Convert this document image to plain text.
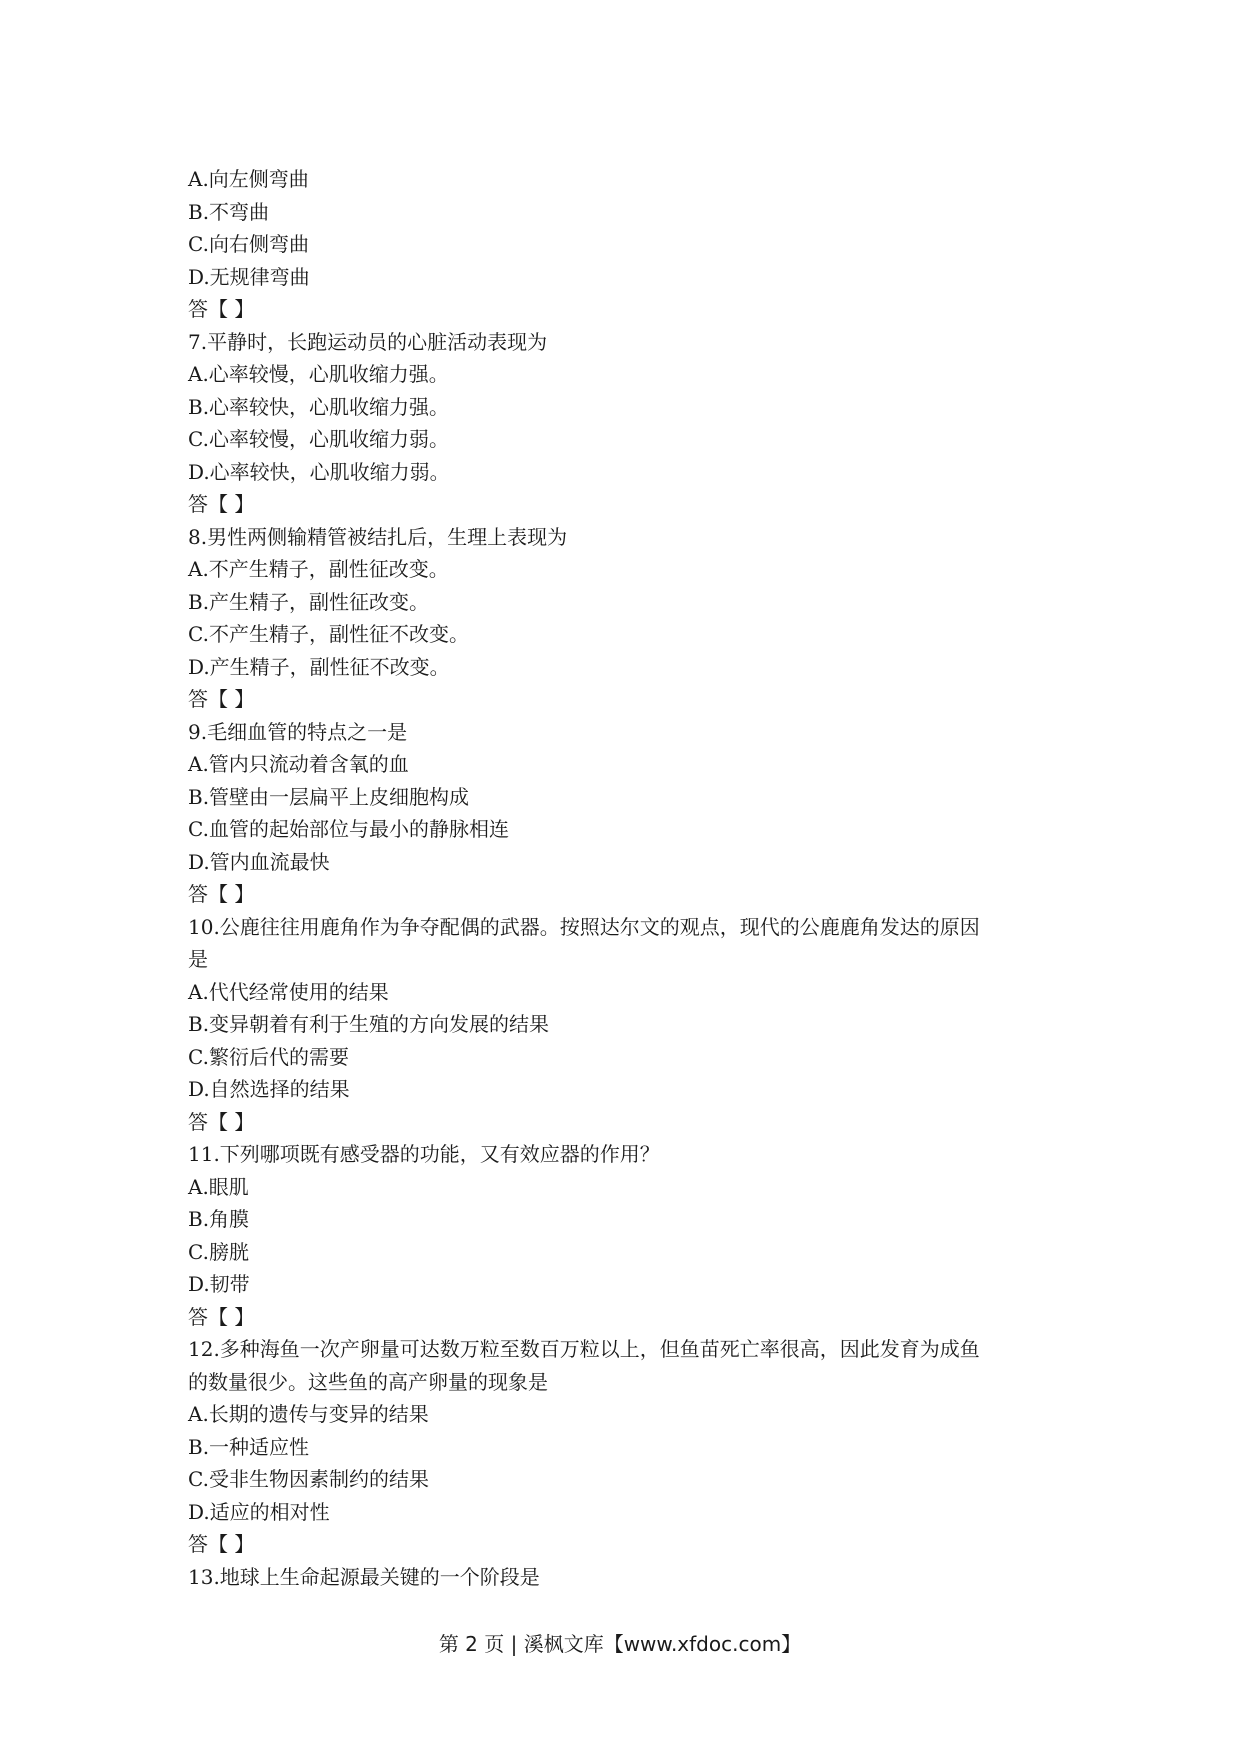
A.向左侧弯曲
B.不弯曲
C.向右侧弯曲
D.无规律弯曲
答【 】
7.平静时，长跑运动员的心脏活动表现为
A.心率较慢，心肌收缩力强。
B.心率较快，心肌收缩力强。
C.心率较慢，心肌收缩力弱。
D.心率较快，心肌收缩力弱。
答【 】
8.男性两侧输精管被结扎后，生理上表现为
A.不产生精子，副性征改变。
B.产生精子，副性征改变。
C.不产生精子，副性征不改变。
D.产生精子，副性征不改变。
答【 】
9.毛细血管的特点之一是
A.管内只流动着含氧的血
B.管壁由一层扁平上皮细胞构成
C.血管的起始部位与最小的静脉相连
D.管内血流最快
答【 】
10.公鹿往往用鹿角作为争夺配偶的武器。按照达尔文的观点，现代的公鹿鹿角发达的原因
是
A.代代经常使用的结果
B.变异朝着有利于生殖的方向发展的结果
C.繁衍后代的需要
D.自然选择的结果
答【 】
11.下列哪项既有感受器的功能，又有效应器的作用？
A.眼肌
B.角膜
C.膀胱
D.韧带
答【 】
12.多种海鱼一次产卵量可达数万粒至数百万粒以上，但鱼苗死亡率很高，因此发育为成鱼
的数量很少。这些鱼的高产卵量的现象是
A.长期的遗传与变异的结果
B.一种适应性
C.受非生物因素制约的结果
D.适应的相对性
答【 】
13.地球上生命起源最关键的一个阶段是
第 2 页 | 溪枫文库【www.xfdoc.com】
